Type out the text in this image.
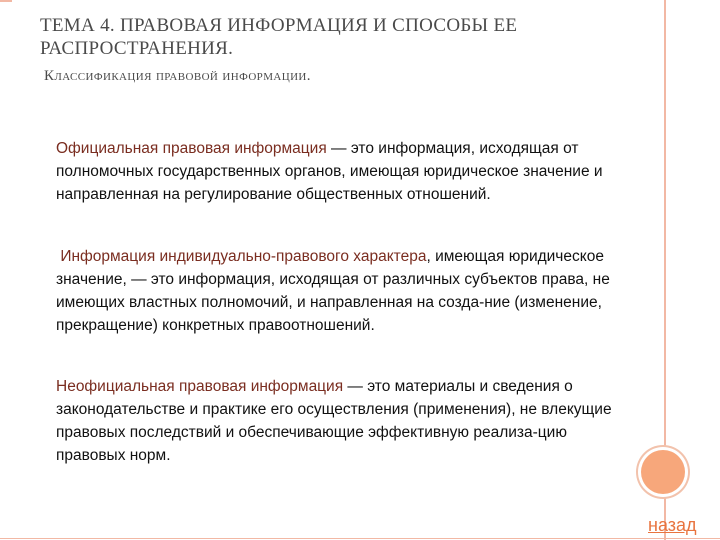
ТЕМА 4. ПРАВОВАЯ ИНФОРМАЦИЯ И СПОСОБЫ ЕЕ РАСПРОСТРАНЕНИЯ.

Классификация правовой информации.

Официальная правовая информация — это информация, исходящая от полномочных государственных органов, имеющая юридическое значение и направленная на регулирование общественных отношений.

Информация индивидуально-правового характера, имеющая юридическое значение, — это информация, исходящая от различных субъектов права, не имеющих властных полномочий, и направленная на созда-ние (изменение, прекращение) конкретных правоотношений.

Неофициальная правовая информация — это материалы и сведения о законодательстве и практике его осуществления (применения), не влекущие правовых последствий и обеспечивающие эффективную реализа-цию правовых норм.

назад
